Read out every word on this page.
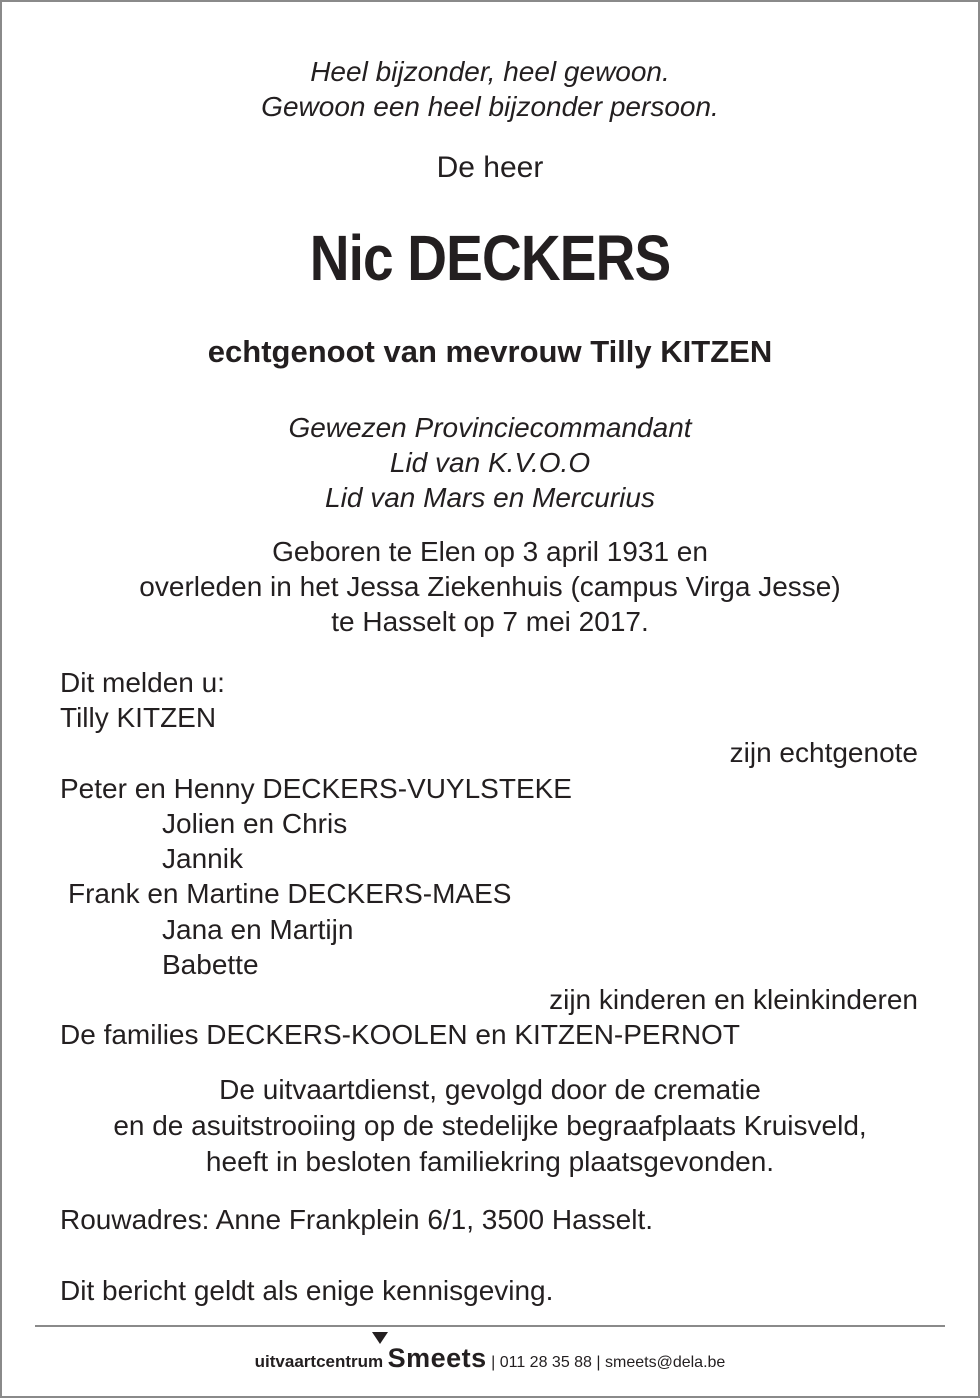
Heel bijzonder, heel gewoon.
Gewoon een heel bijzonder persoon.
De heer
Nic DECKERS
echtgenoot van mevrouw Tilly KITZEN
Gewezen Provinciecommandant
Lid van K.V.O.O
Lid van Mars en Mercurius
Geboren te Elen op 3 april 1931 en
overleden in het Jessa Ziekenhuis (campus Virga Jesse)
te Hasselt op 7 mei 2017.
Dit melden u:
Tilly KITZEN
zijn echtgenote
Peter en Henny DECKERS-VUYLSTEKE
Jolien en Chris
Jannik
Frank en Martine DECKERS-MAES
Jana en Martijn
Babette
zijn kinderen en kleinkinderen
De families DECKERS-KOOLEN en KITZEN-PERNOT
De uitvaartdienst, gevolgd door de crematie
en de asuitstrooiing op de stedelijke begraafplaats Kruisveld,
heeft in besloten familiekring plaatsgevonden.
Rouwadres: Anne Frankplein 6/1, 3500 Hasselt.
Dit bericht geldt als enige kennisgeving.
uitvaartcentrum Smeets | 011 28 35 88 | smeets@dela.be
